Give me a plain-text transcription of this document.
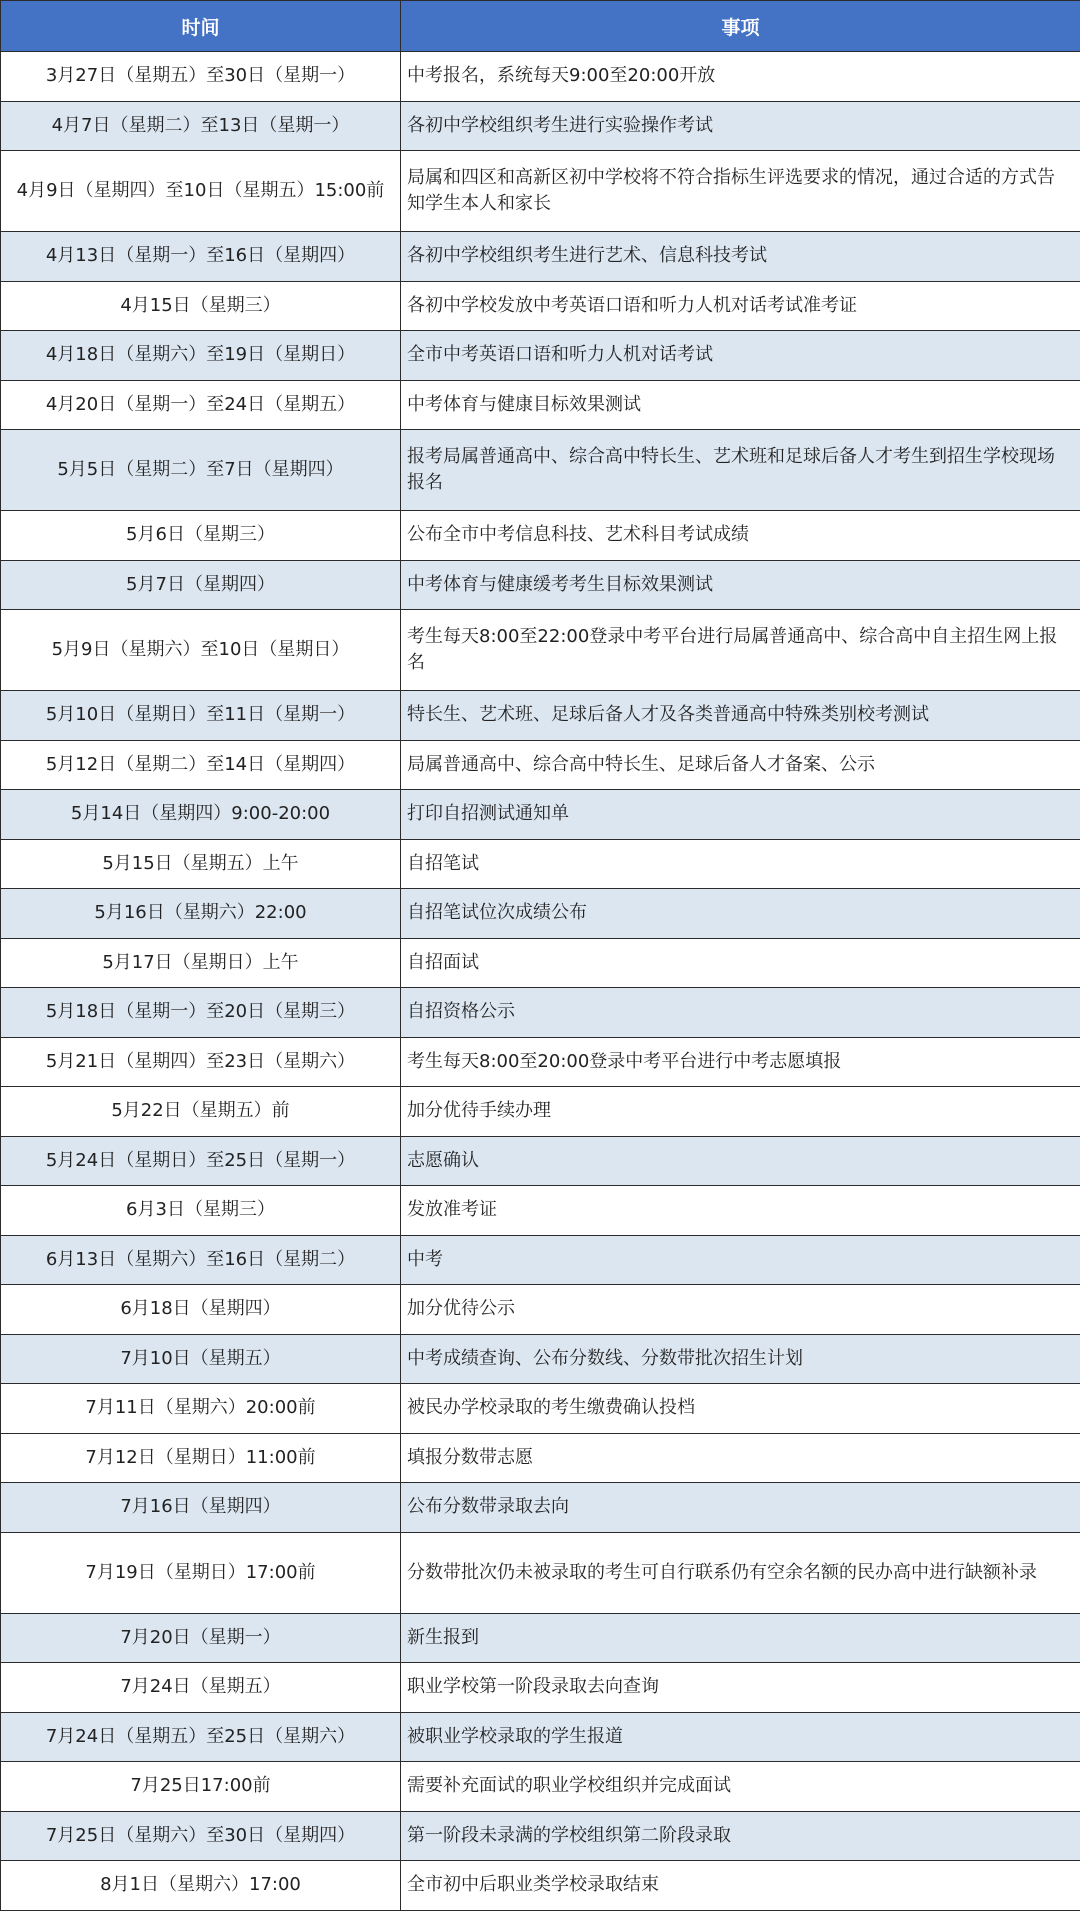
时间	事项
3月27日（星期五）至30日（星期一）	中考报名，系统每天9:00至20:00开放
4月7日（星期二）至13日（星期一）	各初中学校组织考生进行实验操作考试
4月9日（星期四）至10日（星期五）15:00前	局属和四区和高新区初中学校将不符合指标生评选要求的情况，通过合适的方式告知学生本人和家长
4月13日（星期一）至16日（星期四）	各初中学校组织考生进行艺术、信息科技考试
4月15日（星期三）	各初中学校发放中考英语口语和听力人机对话考试准考证
4月18日（星期六）至19日（星期日）	全市中考英语口语和听力人机对话考试
4月20日（星期一）至24日（星期五）	中考体育与健康目标效果测试
5月5日（星期二）至7日（星期四）	报考局属普通高中、综合高中特长生、艺术班和足球后备人才考生到招生学校现场报名
5月6日（星期三）	公布全市中考信息科技、艺术科目考试成绩
5月7日（星期四）	中考体育与健康缓考考生目标效果测试
5月9日（星期六）至10日（星期日）	考生每天8:00至22:00登录中考平台进行局属普通高中、综合高中自主招生网上报名
5月10日（星期日）至11日（星期一）	特长生、艺术班、足球后备人才及各类普通高中特殊类别校考测试
5月12日（星期二）至14日（星期四）	局属普通高中、综合高中特长生、足球后备人才备案、公示
5月14日（星期四）9:00-20:00	打印自招测试通知单
5月15日（星期五）上午	自招笔试
5月16日（星期六）22:00	自招笔试位次成绩公布
5月17日（星期日）上午	自招面试
5月18日（星期一）至20日（星期三）	自招资格公示
5月21日（星期四）至23日（星期六）	考生每天8:00至20:00登录中考平台进行中考志愿填报
5月22日（星期五）前	加分优待手续办理
5月24日（星期日）至25日（星期一）	志愿确认
6月3日（星期三）	发放准考证
6月13日（星期六）至16日（星期二）	中考
6月18日（星期四）	加分优待公示
7月10日（星期五）	中考成绩查询、公布分数线、分数带批次招生计划
7月11日（星期六）20:00前	被民办学校录取的考生缴费确认投档
7月12日（星期日）11:00前	填报分数带志愿
7月16日（星期四）	公布分数带录取去向
7月19日（星期日）17:00前	分数带批次仍未被录取的考生可自行联系仍有空余名额的民办高中进行缺额补录
7月20日（星期一）	新生报到
7月24日（星期五）	职业学校第一阶段录取去向查询
7月24日（星期五）至25日（星期六）	被职业学校录取的学生报道
7月25日17:00前	需要补充面试的职业学校组织并完成面试
7月25日（星期六）至30日（星期四）	第一阶段未录满的学校组织第二阶段录取
8月1日（星期六）17:00	全市初中后职业类学校录取结束
